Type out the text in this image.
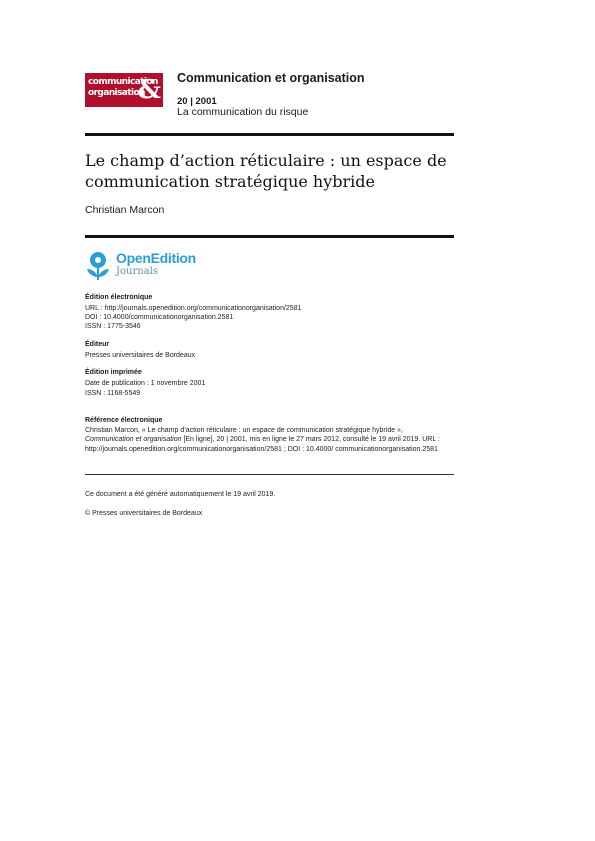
communication
organisation
& Communication et organisation
20 | 2001
La communication du risque
Le champ d’action réticulaire : un espace de communication stratégique hybride
Christian Marcon
OpenEdition
Journals
Édition électronique
URL : http://journals.openedition.org/communicationorganisation/2581
DOI : 10.4000/communicationorganisation.2581
ISSN : 1775-3546
Éditeur
Presses universitaires de Bordeaux
Édition imprimée
Date de publication : 1 novembre 2001
ISSN : 1168-5549
Référence électronique
Christian Marcon, « Le champ d’action réticulaire : un espace de communication stratégique hybride »,
Communication et organisation [En ligne], 20 | 2001, mis en ligne le 27 mars 2012, consulté le 19 avril 2019. URL : http://journals.openedition.org/communicationorganisation/2581 ; DOI : 10.4000/ communicationorganisation.2581
Ce document a été généré automatiquement le 19 avril 2019.
© Presses universitaires de Bordeaux
